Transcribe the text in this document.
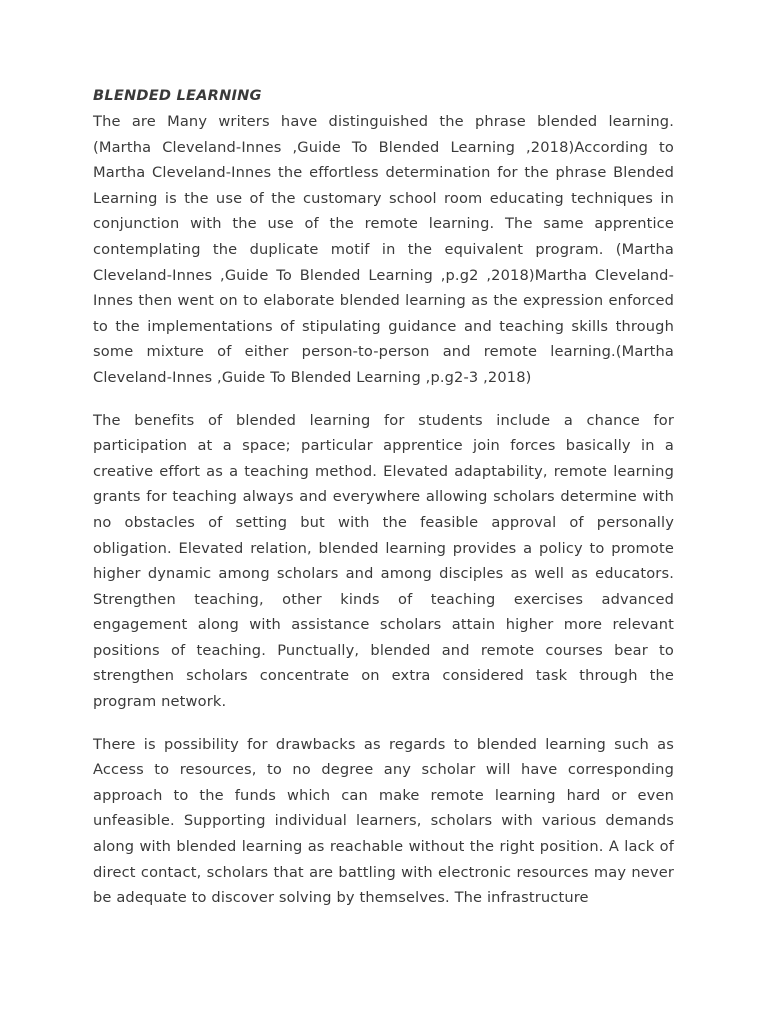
BLENDED LEARNING

The are Many writers have distinguished the phrase blended learning. (Martha Cleveland-Innes ,Guide To Blended Learning ,2018)According to Martha Cleveland-Innes the effortless determination for the phrase Blended Learning is the use of the customary school room educating techniques in conjunction with the use of the remote learning. The same apprentice contemplating the duplicate motif in the equivalent program. (Martha Cleveland-Innes ,Guide To Blended Learning ,p.g2 ,2018)Martha Cleveland-Innes then went on to elaborate blended learning as the expression enforced to the implementations of stipulating guidance and teaching skills through some mixture of either person-to-person and remote learning.(Martha Cleveland-Innes ,Guide To Blended Learning ,p.g2-3 ,2018)

The benefits of blended learning for students include a chance for participation at a space; particular apprentice join forces basically in a creative effort as a teaching method. Elevated adaptability, remote learning grants for teaching always and everywhere allowing scholars determine with no obstacles of setting but with the feasible approval of personally obligation. Elevated relation, blended learning provides a policy to promote higher dynamic among scholars and among disciples as well as educators. Strengthen teaching, other kinds of teaching exercises advanced engagement along with assistance scholars attain higher more relevant positions of teaching. Punctually, blended and remote courses bear to strengthen scholars concentrate on extra considered task through the program network.

There is possibility for drawbacks as regards to blended learning such as Access to resources, to no degree any scholar will have corresponding approach to the funds which can make remote learning hard or even unfeasible. Supporting individual learners, scholars with various demands along with blended learning as reachable without the right position. A lack of direct contact, scholars that are battling with electronic resources may never be adequate to discover solving by themselves. The infrastructure
